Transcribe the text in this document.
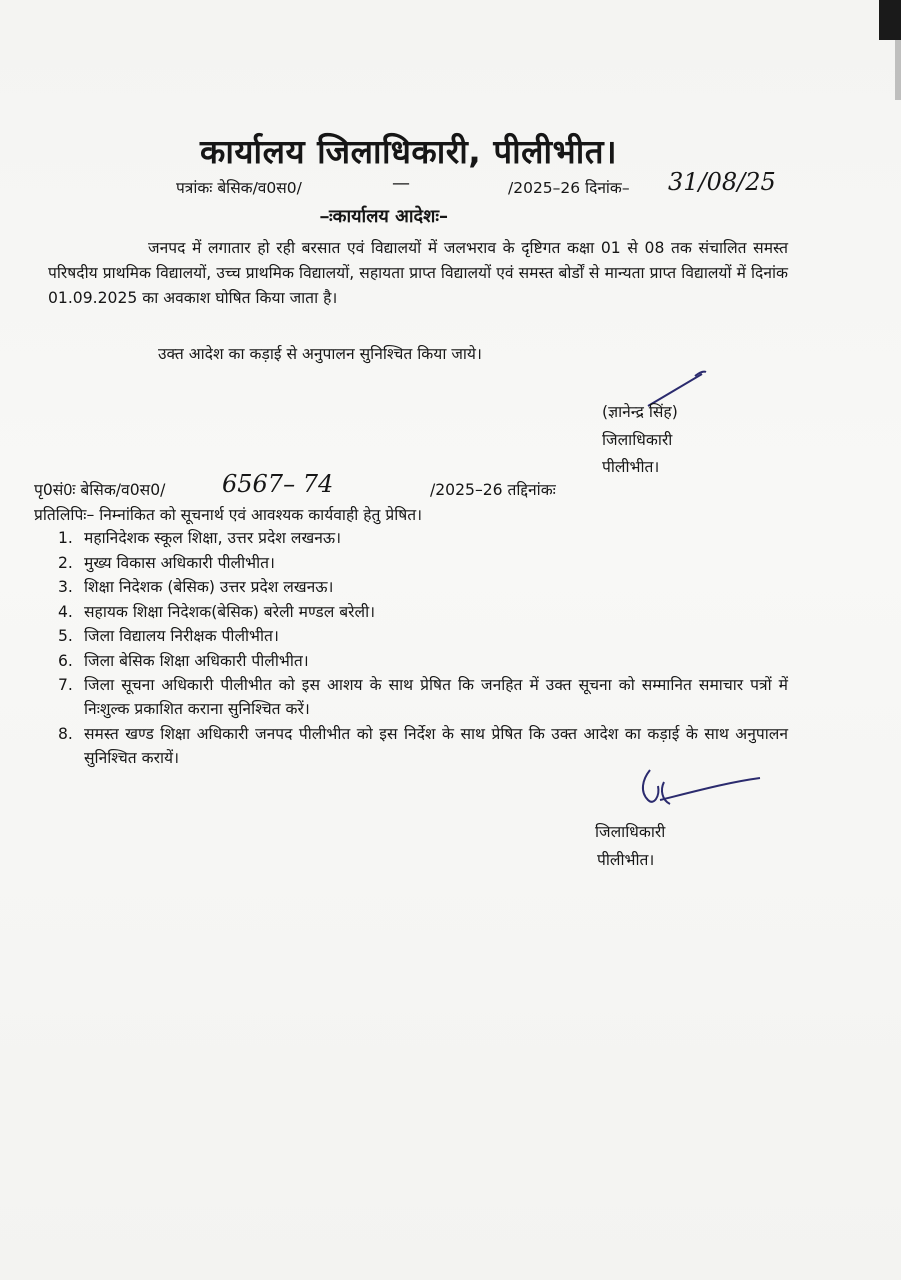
कार्यालय जिलाधिकारी, पीलीभीत।
पत्रांकः बेसिक/व0स0/	—	/2025–26 दिनांक– 31/08/25
–ःकार्यालय आदेशः–

जनपद में लगातार हो रही बरसात एवं विद्यालयों में जलभराव के दृष्टिगत कक्षा 01 से 08 तक संचालित समस्त परिषदीय प्राथमिक विद्यालयों, उच्च प्राथमिक विद्यालयों, सहायता प्राप्त विद्यालयों एवं समस्त बोर्डों से मान्यता प्राप्त विद्यालयों में दिनांक 01.09.2025 का अवकाश घोषित किया जाता है।

उक्त आदेश का कड़ाई से अनुपालन सुनिश्चित किया जाये।
(ज्ञानेन्द्र सिंह)
जिलाधिकारी
पीलीभीत।
पृ0सं0ः बेसिक/व0स0/ 6567– 74	/2025–26 तद्दिनांकः
प्रतिलिपिः– निम्नांकित को सूचनार्थ एवं आवश्यक कार्यवाही हेतु प्रेषित।
1. महानिदेशक स्कूल शिक्षा, उत्तर प्रदेश लखनऊ।
2. मुख्य विकास अधिकारी पीलीभीत।
3. शिक्षा निदेशक (बेसिक) उत्तर प्रदेश लखनऊ।
4. सहायक शिक्षा निदेशक(बेसिक) बरेली मण्डल बरेली।
5. जिला विद्यालय निरीक्षक पीलीभीत।
6. जिला बेसिक शिक्षा अधिकारी पीलीभीत।
7. जिला सूचना अधिकारी पीलीभीत को इस आशय के साथ प्रेषित कि जनहित में उक्त सूचना को सम्मानित समाचार पत्रों में निःशुल्क प्रकाशित कराना सुनिश्चित करें।
8. समस्त खण्ड शिक्षा अधिकारी जनपद पीलीभीत को इस निर्देश के साथ प्रेषित कि उक्त आदेश का कड़ाई के साथ अनुपालन सुनिश्चित करायें।
जिलाधिकारी
पीलीभीत।
